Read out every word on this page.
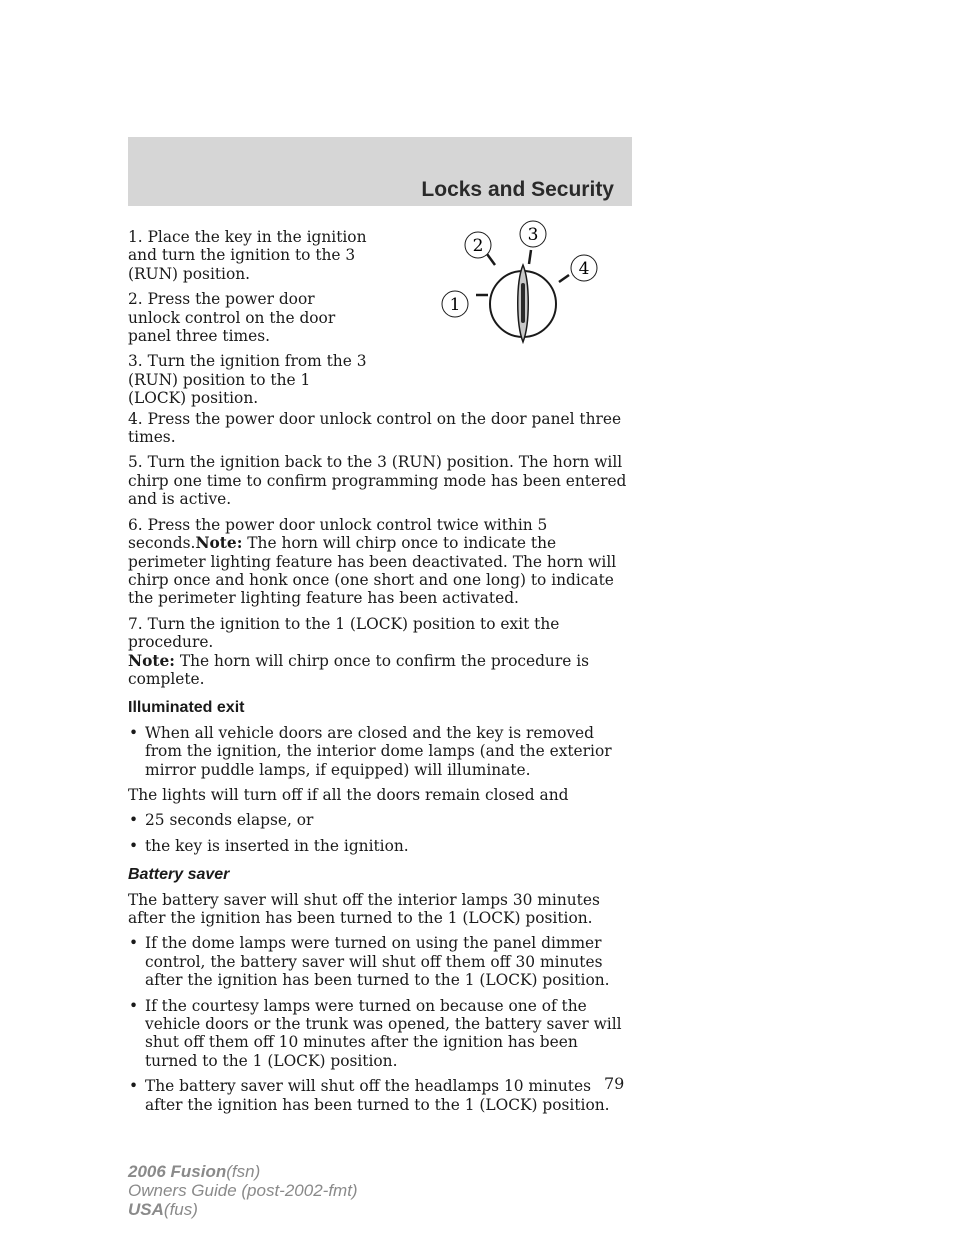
Locks and Security
1
2
3
4

1. Place the key in the ignition and turn the ignition to the 3 (RUN) position.

2. Press the power door unlock control on the door panel three times.

3. Turn the ignition from the 3 (RUN) position to the 1 (LOCK) position.

4. Press the power door unlock control on the door panel three times.

5. Turn the ignition back to the 3 (RUN) position. The horn will chirp one time to confirm programming mode has been entered and is active.

6. Press the power door unlock control twice within 5 seconds.Note: The horn will chirp once to indicate the perimeter lighting feature has been deactivated. The horn will chirp once and honk once (one short and one long) to indicate the perimeter lighting feature has been activated.

7. Turn the ignition to the 1 (LOCK) position to exit the procedure.
Note: The horn will chirp once to confirm the procedure is complete.

Illuminated exit
• When all vehicle doors are closed and the key is removed from the ignition, the interior dome lamps (and the exterior mirror puddle lamps, if equipped) will illuminate.

The lights will turn off if all the doors remain closed and

• 25 seconds elapse, or
• the key is inserted in the ignition.
Battery saver

The battery saver will shut off the interior lamps 30 minutes after the ignition has been turned to the 1 (LOCK) position.

• If the dome lamps were turned on using the panel dimmer control, the battery saver will shut off them off 30 minutes after the ignition has been turned to the 1 (LOCK) position.
• If the courtesy lamps were turned on because one of the vehicle doors or the trunk was opened, the battery saver will shut off them off 10 minutes after the ignition has been turned to the 1 (LOCK) position.
• The battery saver will shut off the headlamps 10 minutes after the ignition has been turned to the 1 (LOCK) position.
79
2006 Fusion(fsn)
Owners Guide (post-2002-fmt)
USA(fus)
